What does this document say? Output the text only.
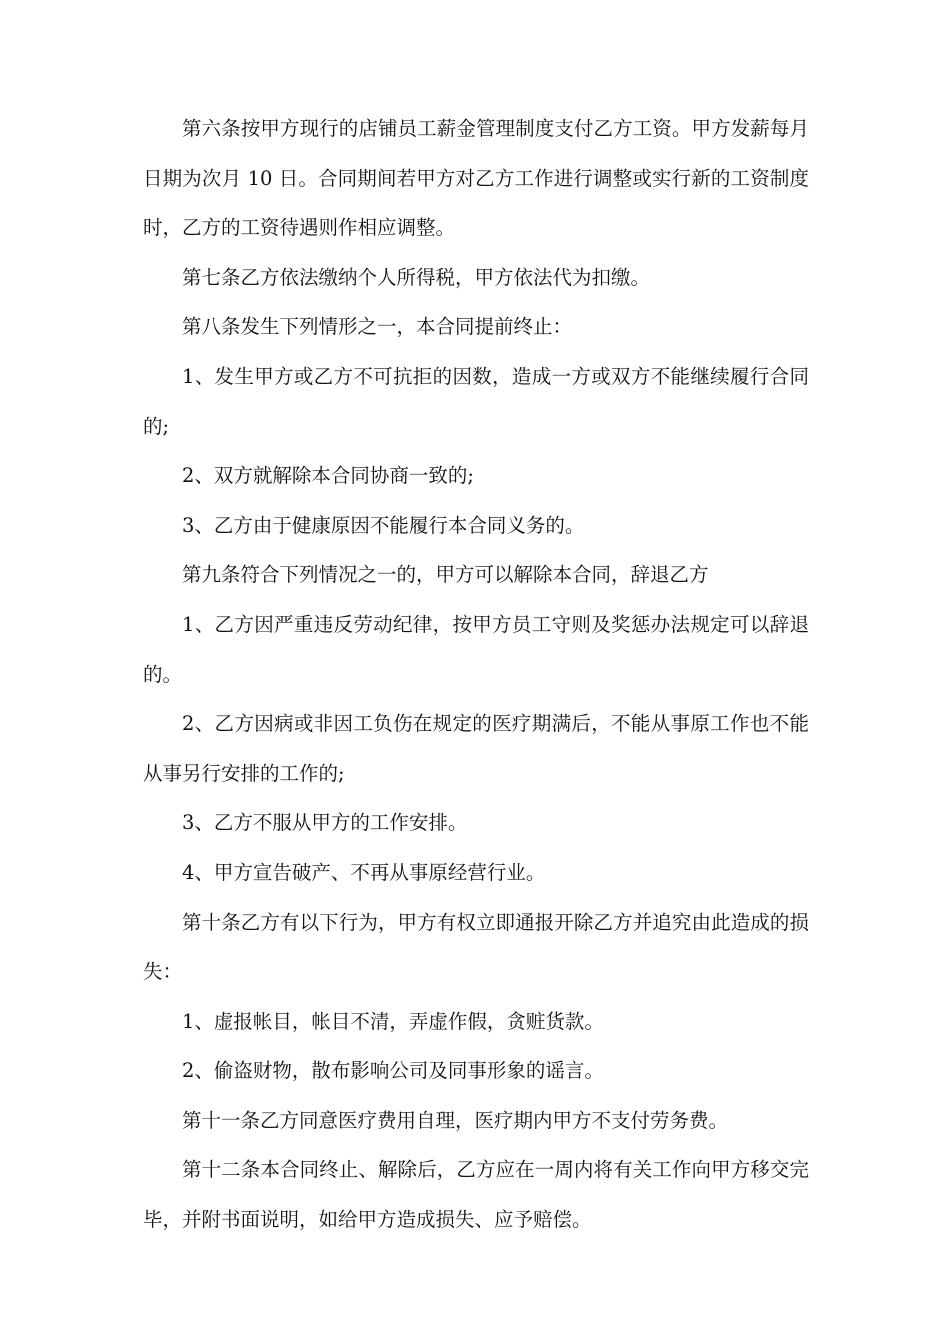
第六条按甲方现行的店铺员工薪金管理制度支付乙方工资。甲方发薪每月日期为次月 10 日。合同期间若甲方对乙方工作进行调整或实行新的工资制度时，乙方的工资待遇则作相应调整。

第七条乙方依法缴纳个人所得税，甲方依法代为扣缴。

第八条发生下列情形之一，本合同提前终止：

1、发生甲方或乙方不可抗拒的因数，造成一方或双方不能继续履行合同的;

2、双方就解除本合同协商一致的;

3、乙方由于健康原因不能履行本合同义务的。

第九条符合下列情况之一的，甲方可以解除本合同，辞退乙方

1、乙方因严重违反劳动纪律，按甲方员工守则及奖惩办法规定可以辞退的。

2、乙方因病或非因工负伤在规定的医疗期满后，不能从事原工作也不能从事另行安排的工作的;

3、乙方不服从甲方的工作安排。

4、甲方宣告破产、不再从事原经营行业。

第十条乙方有以下行为，甲方有权立即通报开除乙方并追究由此造成的损失：

1、虚报帐目，帐目不清，弄虚作假，贪赃货款。

2、偷盗财物，散布影响公司及同事形象的谣言。

第十一条乙方同意医疗费用自理，医疗期内甲方不支付劳务费。

第十二条本合同终止、解除后，乙方应在一周内将有关工作向甲方移交完毕，并附书面说明，如给甲方造成损失、应予赔偿。
